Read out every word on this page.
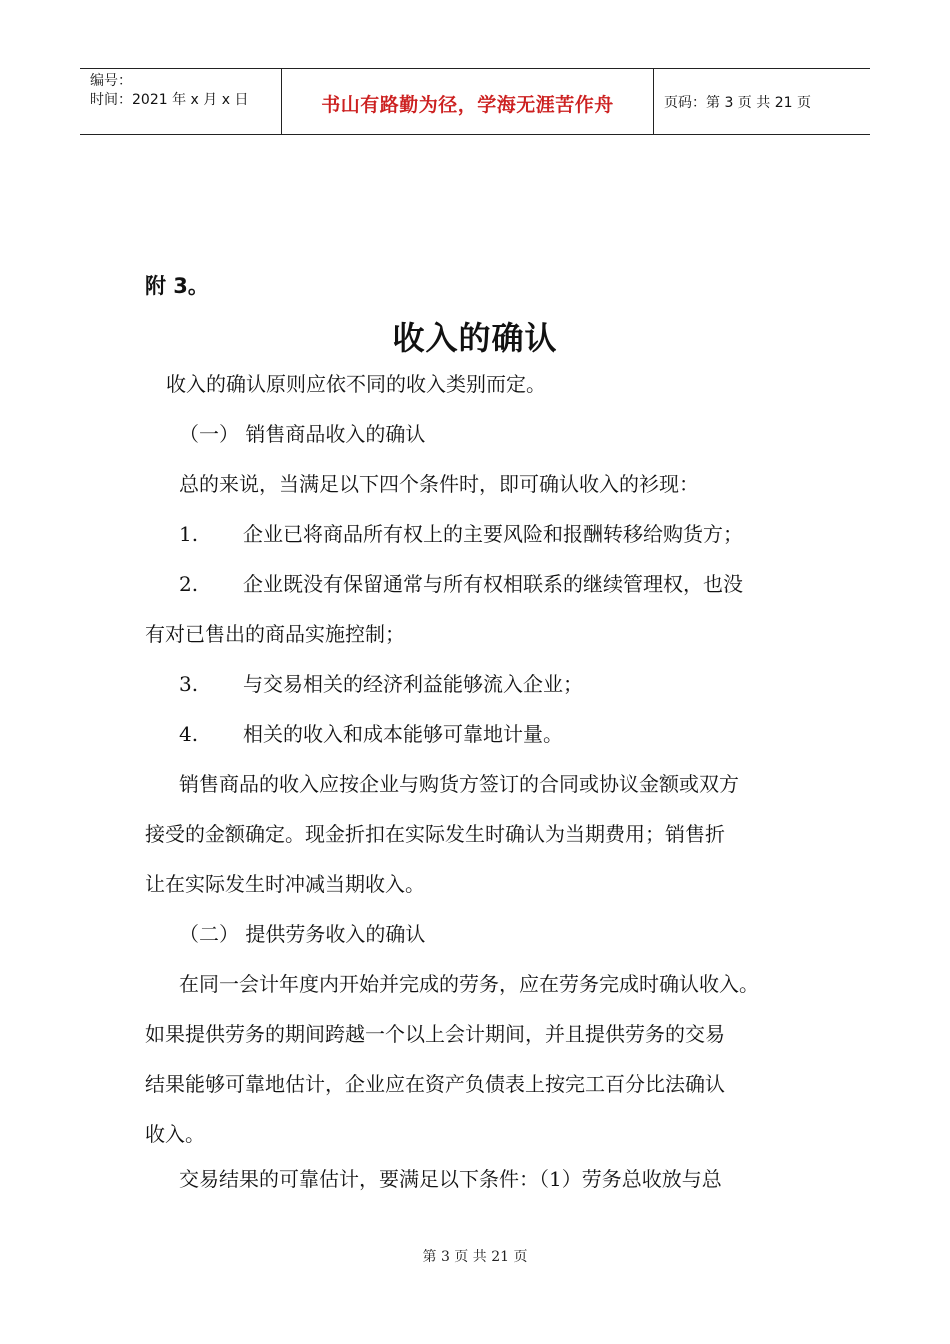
编号：
时间：2021 年 x 月 x 日	书山有路勤为径，学海无涯苦作舟	页码：第 3 页 共 21 页
附 3。
收入的确认
收入的确认原则应依不同的收入类别而定。
（一） 销售商品收入的确认
总的来说，当满足以下四个条件时，即可确认收入的衫现：
1. 企业已将商品所有权上的主要风险和报酬转移给购货方；
2. 企业既没有保留通常与所有权相联系的继续管理权，也没
有对已售出的商品实施控制；
3. 与交易相关的经济利益能够流入企业；
4. 相关的收入和成本能够可靠地计量。
销售商品的收入应按企业与购货方签订的合同或协议金额或双方
接受的金额确定。现金折扣在实际发生时确认为当期费用；销售折
让在实际发生时冲减当期收入。
（二） 提供劳务收入的确认
在同一会计年度内开始并完成的劳务，应在劳务完成时确认收入。
如果提供劳务的期间跨越一个以上会计期间，并且提供劳务的交易
结果能够可靠地估计，企业应在资产负债表上按完工百分比法确认
收入。
交易结果的可靠估计，要满足以下条件：（1）劳务总收放与总
第 3 页 共 21 页
